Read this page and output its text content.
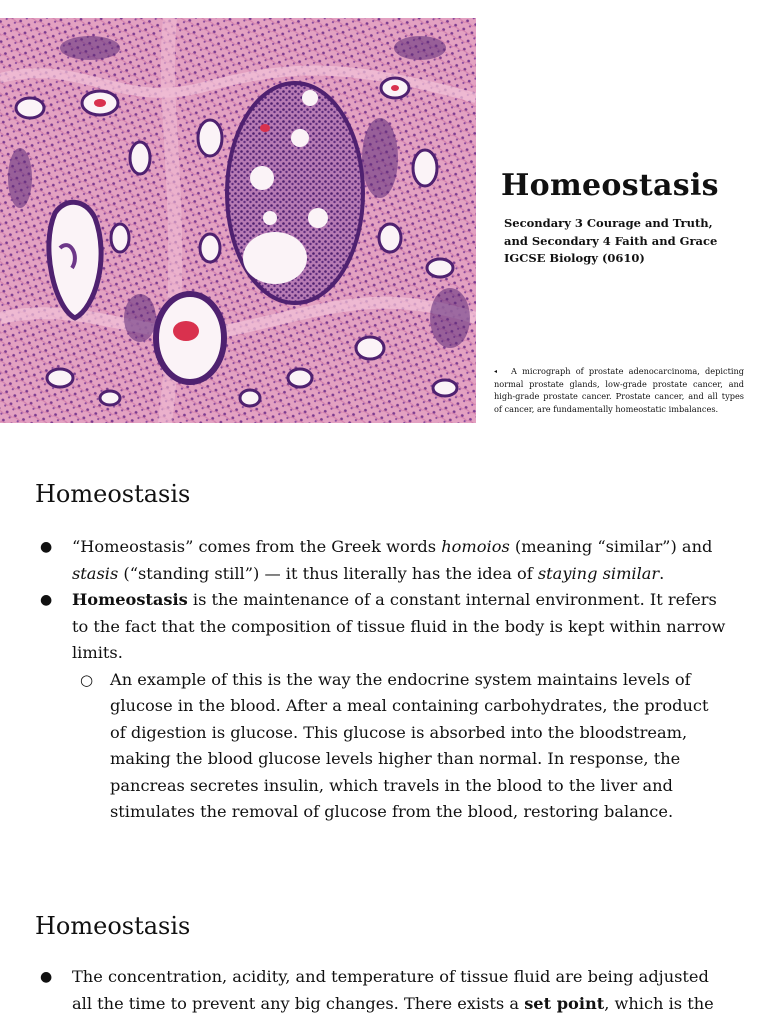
Homeostasis
Secondary 3 Courage and Truth,
and Secondary 4 Faith and Grace
IGCSE Biology (0610)
◂ A micrograph of prostate adenocarcinoma, depicting normal prostate glands, low-grade prostate cancer, and high-grade prostate cancer. Prostate cancer, and all types of cancer, are fundamentally homeostatic imbalances.
Homeostasis
● “Homeostasis” comes from the Greek words homoios (meaning “similar”) and stasis (“standing still”) — it thus literally has the idea of staying similar.
● Homeostasis is the maintenance of a constant internal environment. It refers to the fact that the composition of tissue fluid in the body is kept within narrow limits.
○ An example of this is the way the endocrine system maintains levels of glucose in the blood. After a meal containing carbohydrates, the product of digestion is glucose. This glucose is absorbed into the bloodstream, making the blood glucose levels higher than normal. In response, the pancreas secretes insulin, which travels in the blood to the liver and stimulates the removal of glucose from the blood, restoring balance.
Homeostasis
● The concentration, acidity, and temperature of tissue fluid are being adjusted all the time to prevent any big changes. There exists a set point, which is the
